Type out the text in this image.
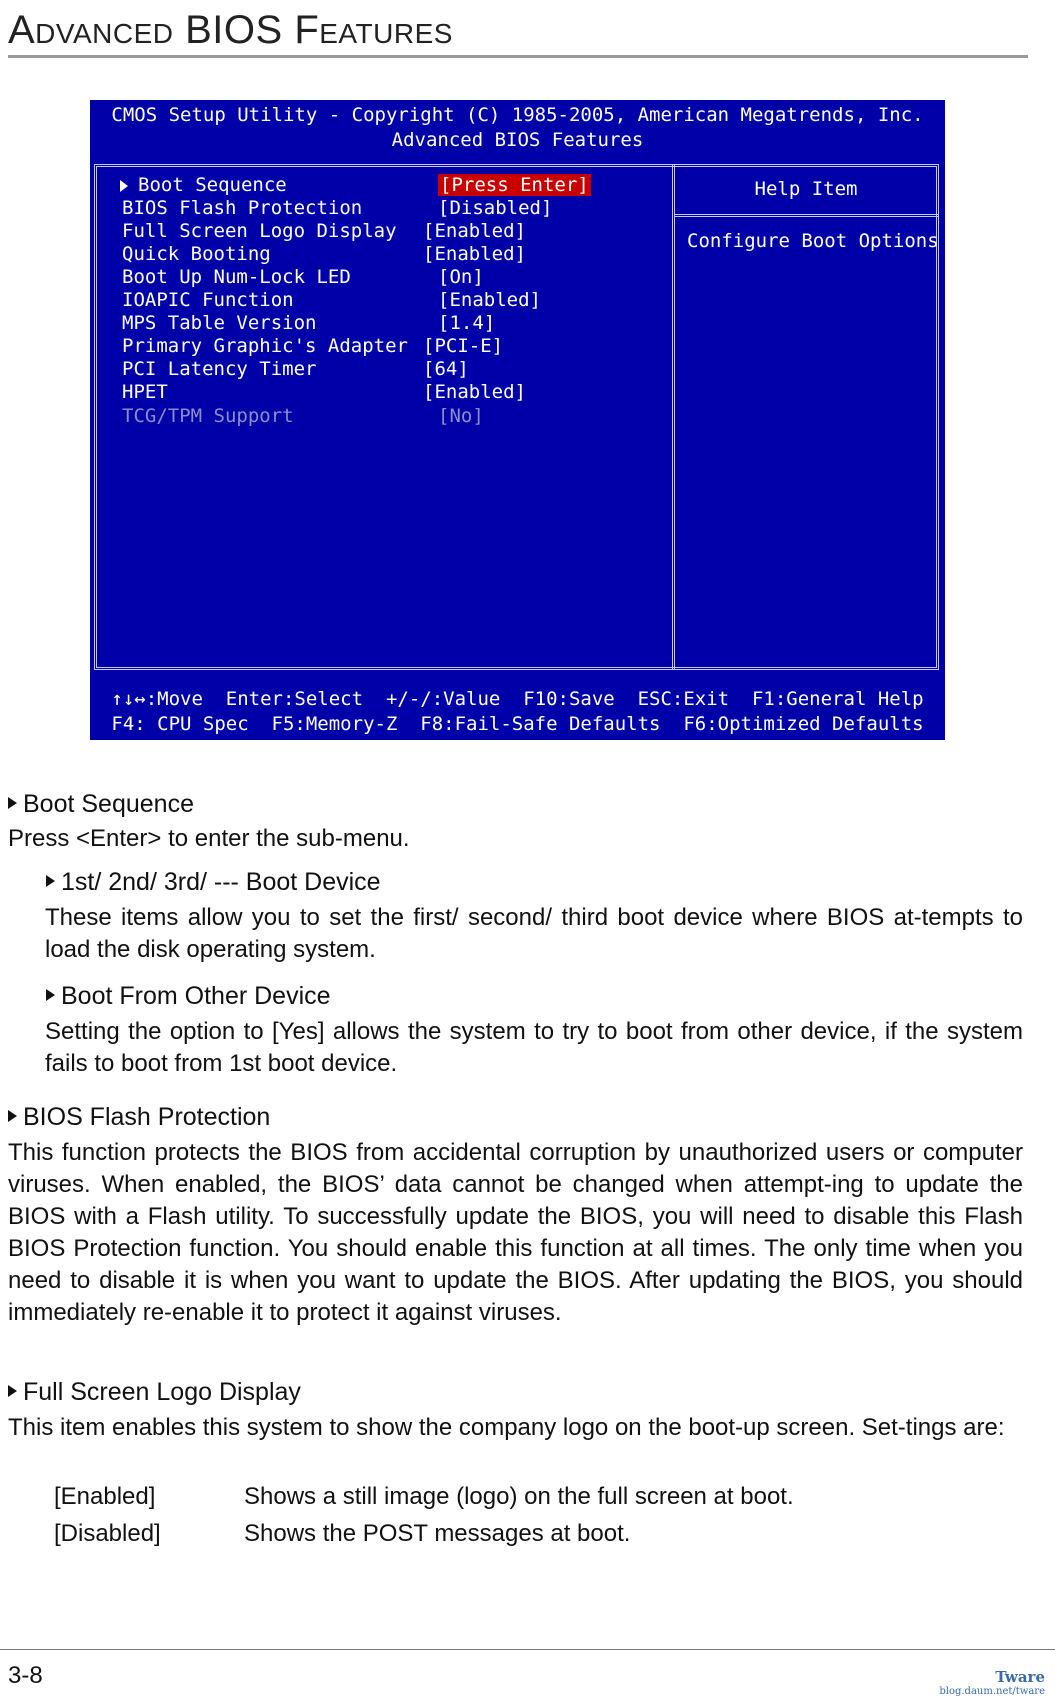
Advanced BIOS Features
CMOS Setup Utility - Copyright (C) 1985-2005, American Megatrends, Inc.
Advanced BIOS Features
Help Item
Configure Boot Options
Boot Sequence	[Press Enter]
BIOS Flash Protection	[Disabled]
Full Screen Logo Display [Enabled]
Quick Booting	[Enabled]
Boot Up Num-Lock LED	[On]
IOAPIC Function	[Enabled]
MPS Table Version	[1.4]
Primary Graphic's Adapter [PCI-E]
PCI Latency Timer	[64]
HPET	[Enabled]
TCG/TPM Support	[No]
↑↓↔:Move  Enter:Select  +/-/:Value  F10:Save  ESC:Exit  F1:General Help
F4: CPU Spec  F5:Memory-Z  F8:Fail-Safe Defaults  F6:Optimized Defaults
Boot Sequence
Press <Enter> to enter the sub-menu.
1st/ 2nd/ 3rd/ --- Boot Device
These items allow you to set the first/ second/ third boot device where BIOS at-tempts to load the disk operating system.
Boot From Other Device
Setting the option to [Yes] allows the system to try to boot from other device, if the system fails to boot from 1st boot device.
BIOS Flash Protection
This function protects the BIOS from accidental corruption by unauthorized users or computer viruses. When enabled, the BIOS’ data cannot be changed when attempt-ing to update the BIOS with a Flash utility. To successfully update the BIOS, you will need to disable this Flash BIOS Protection function. You should enable this function at all times. The only time when you need to disable it is when you want to update the BIOS. After updating the BIOS, you should immediately re-enable it to protect it against viruses.
Full Screen Logo Display
This item enables this system to show the company logo on the boot-up screen. Set-tings are:
[Enabled]	Shows a still image (logo) on the full screen at boot.
[Disabled]	Shows the POST messages at boot.
3-8	Tware
blog.daum.net/tware
